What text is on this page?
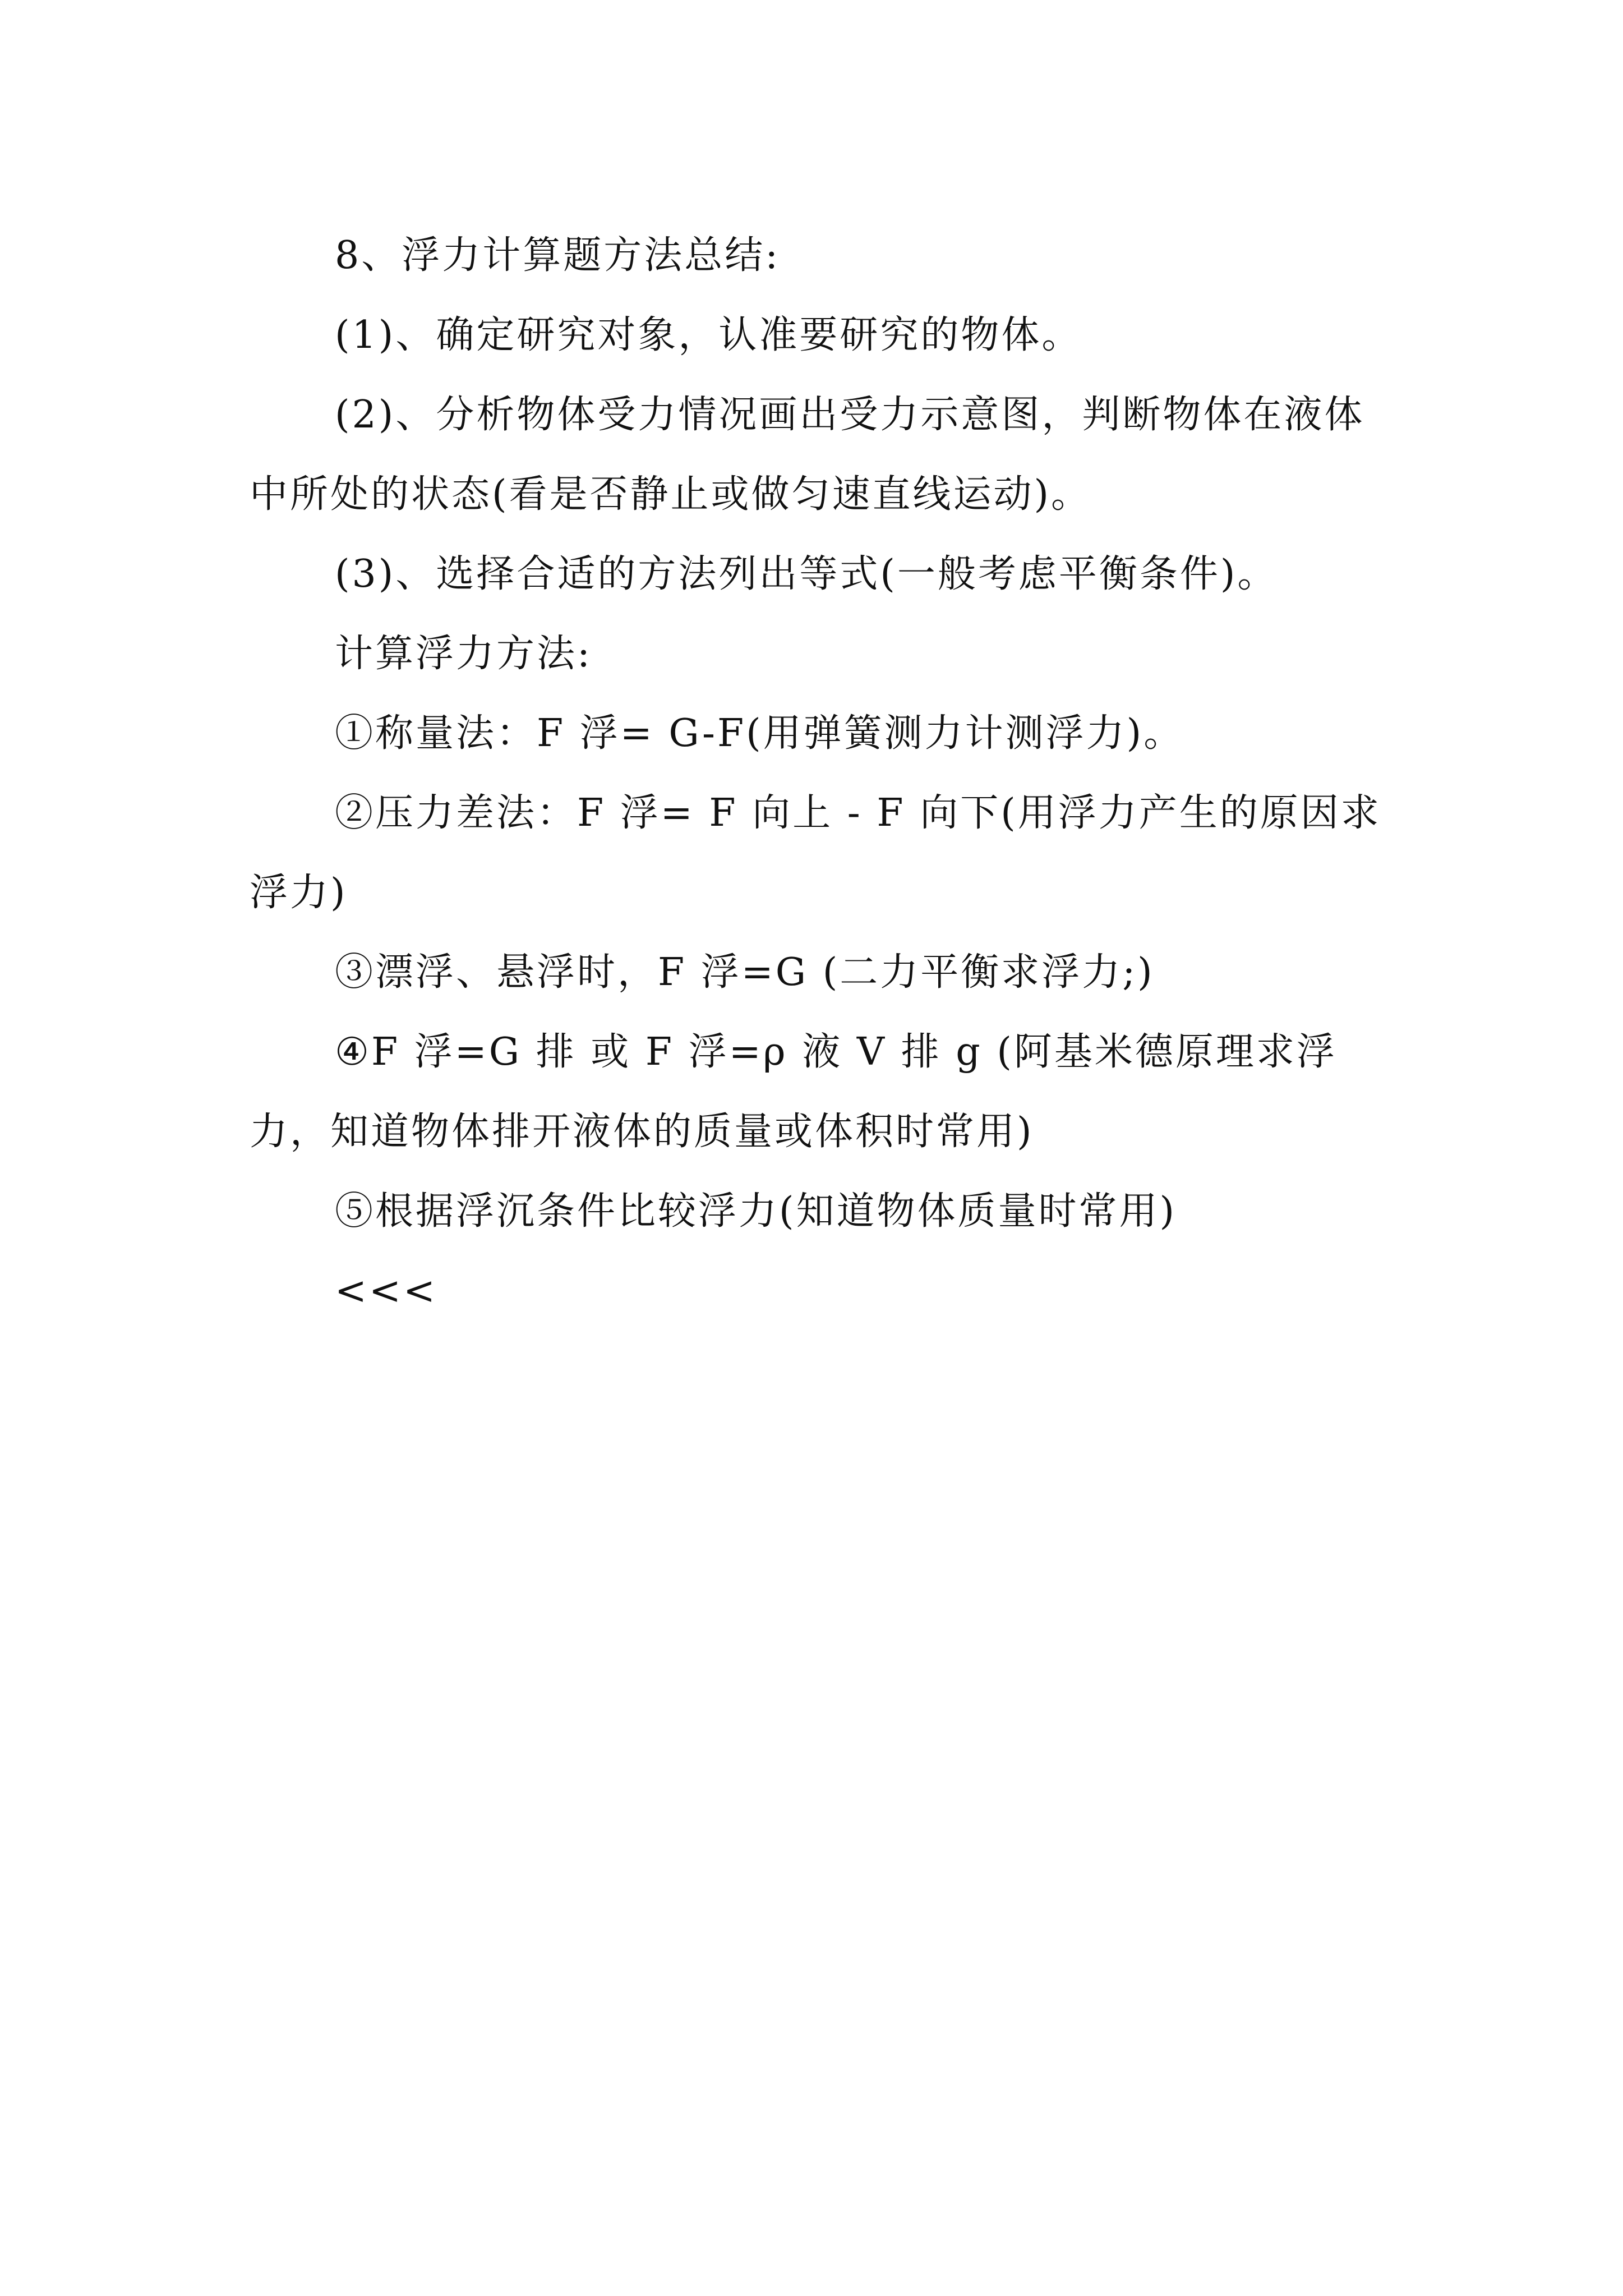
8、浮力计算题方法总结:

(1)、确定研究对象，认准要研究的物体。

(2)、分析物体受力情况画出受力示意图，判断物体在液体中所处的状态(看是否静止或做匀速直线运动)。

(3)、选择合适的方法列出等式(一般考虑平衡条件)。

计算浮力方法:

①称量法：F 浮= G-F(用弹簧测力计测浮力)。

②压力差法：F 浮= F 向上 - F 向下(用浮力产生的原因求浮力)

③漂浮、悬浮时，F 浮=G (二力平衡求浮力;)

④F 浮=G 排 或 F 浮=ρ 液 V 排 g (阿基米德原理求浮力，知道物体排开液体的质量或体积时常用)

⑤根据浮沉条件比较浮力(知道物体质量时常用)

<<<
